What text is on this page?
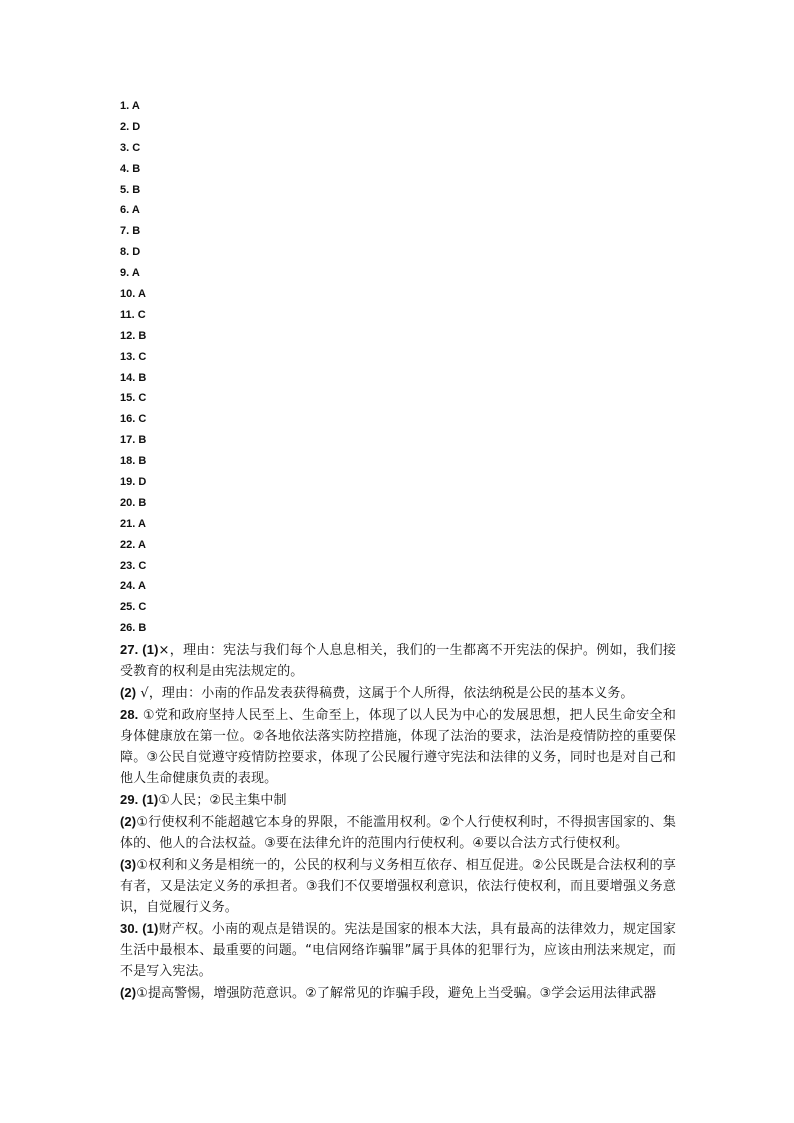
1. A
2. D
3. C
4. B
5. B
6. A
7. B
8. D
9. A
10. A
11. C
12. B
13. C
14. B
15. C
16. C
17. B
18. B
19. D
20. B
21. A
22. A
23. C
24. A
25. C
26. B

27. (1)×，理由：宪法与我们每个人息息相关，我们的一生都离不开宪法的保护。例如，我们接受教育的权利是由宪法规定的。

(2) √，理由：小南的作品发表获得稿费，这属于个人所得，依法纳税是公民的基本义务。

28. ①党和政府坚持人民至上、生命至上，体现了以人民为中心的发展思想，把人民生命安全和身体健康放在第一位。②各地依法落实防控措施，体现了法治的要求，法治是疫情防控的重要保障。③公民自觉遵守疫情防控要求，体现了公民履行遵守宪法和法律的义务，同时也是对自己和他人生命健康负责的表现。

29. (1)①人民；②民主集中制

(2)①行使权利不能超越它本身的界限，不能滥用权利。②个人行使权利时，不得损害国家的、集体的、他人的合法权益。③要在法律允许的范围内行使权利。④要以合法方式行使权利。

(3)①权利和义务是相统一的，公民的权利与义务相互依存、相互促进。②公民既是合法权利的享有者，又是法定义务的承担者。③我们不仅要增强权利意识，依法行使权利，而且要增强义务意识，自觉履行义务。

30. (1)财产权。小南的观点是错误的。宪法是国家的根本大法，具有最高的法律效力，规定国家生活中最根本、最重要的问题。“电信网络诈骗罪”属于具体的犯罪行为，应该由刑法来规定，而不是写入宪法。

(2)①提高警惕，增强防范意识。②了解常见的诈骗手段，避免上当受骗。③学会运用法律武器
